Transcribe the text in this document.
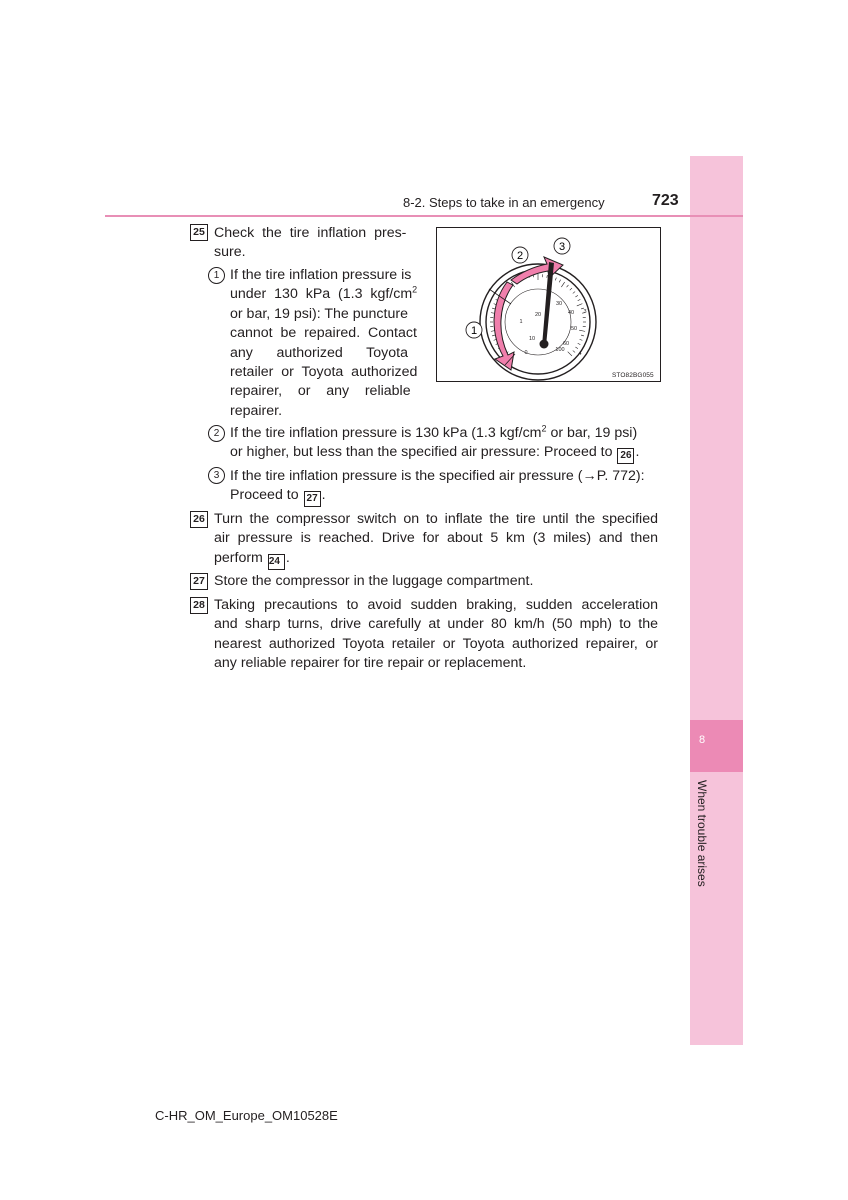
8
When trouble arises
8-2. Steps to take in an emergency	723
25 Check  the  tire  inflation  pres-
sure.
1 If the tire inflation pressure is
under  130  kPa  (1.3  kgf/$cm^2$
or bar, 19 psi): The puncture
cannot  be  repaired.  Contact
any      authorized      Toyota
retailer  or  Toyota  authorized
repairer,    or    any    reliable
repairer.
1
2
3
0
1
2
3
4
10
20
30
40
50
60
100
STO82BG055
2 If the tire inflation pressure is 130 kPa (1.3 kgf/$cm^2$ or bar, 19 psi)
or higher, but less than the specified air pressure: Proceed to 26 .
3 If the tire inflation pressure is the specified air pressure (→P. 772):
Proceed to 27 .
26 Turn the compressor switch on to inflate the tire until the specified
air pressure is reached. Drive for about 5 km (3 miles) and then
perform 24 .
27 Store the compressor in the luggage compartment.
28 Taking precautions to avoid sudden braking, sudden acceleration
and sharp turns, drive carefully at under 80 km/h (50 mph) to the
nearest authorized Toyota retailer or Toyota authorized repairer, or
any reliable repairer for tire repair or replacement.
C-HR_OM_Europe_OM10528E
